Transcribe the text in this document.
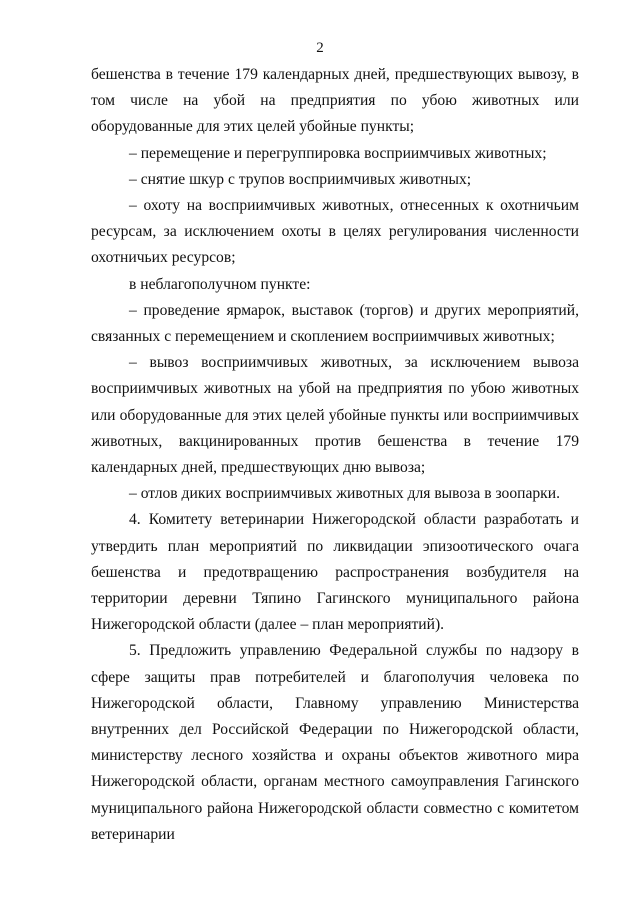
2

бешенства в течение 179 календарных дней, предшествующих вывозу, в том числе на убой на предприятия по убою животных или оборудованные для этих целей убойные пункты;

– перемещение и перегруппировка восприимчивых животных;

– снятие шкур с трупов восприимчивых животных;

– охоту на восприимчивых животных, отнесенных к охотничьим ресурсам, за исключением охоты в целях регулирования численности охотничьих ресурсов;

в неблагополучном пункте:

– проведение ярмарок, выставок (торгов) и других мероприятий, связанных с перемещением и скоплением восприимчивых животных;

– вывоз восприимчивых животных, за исключением вывоза восприимчивых животных на убой на предприятия по убою животных или оборудованные для этих целей убойные пункты или восприимчивых животных, вакцинированных против бешенства в течение 179 календарных дней, предшествующих дню вывоза;

– отлов диких восприимчивых животных для вывоза в зоопарки.

4. Комитету ветеринарии Нижегородской области разработать и утвердить план мероприятий по ликвидации эпизоотического очага бешенства и предотвращению распространения возбудителя на территории деревни Тяпино Гагинского муниципального района Нижегородской области (далее – план мероприятий).

5. Предложить управлению Федеральной службы по надзору в сфере защиты прав потребителей и благополучия человека по Нижегородской области, Главному управлению Министерства внутренних дел Российской Федерации по Нижегородской области, министерству лесного хозяйства и охраны объектов животного мира Нижегородской области, органам местного самоуправления Гагинского муниципального района Нижегородской области совместно с комитетом ветеринарии
